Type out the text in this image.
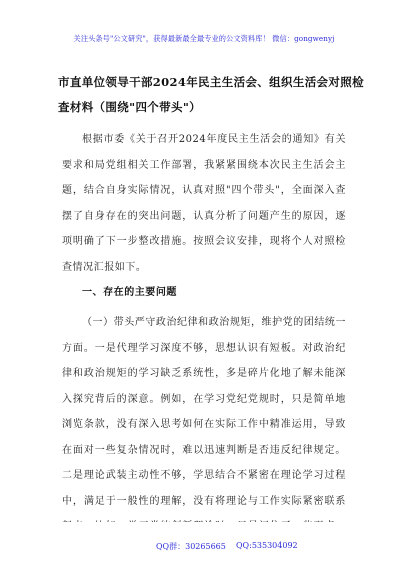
关注头条号"公文研究"，获得最新最全最专业的公文资料库！ 微信：gongwenyj
市直单位领导干部2024年民主生活会、组织生活会对照检
查材料（围绕"四个带头"）

根据市委《关于召开2024年度民主生活会的通知》有关要求和局党组相关工作部署，我紧紧围绕本次民主生活会主题，结合自身实际情况，认真对照"四个带头"，全面深入查摆了自身存在的突出问题，认真分析了问题产生的原因，逐项明确了下一步整改措施。按照会议安排，现将个人对照检查情况汇报如下。

一、存在的主要问题

（一）带头严守政治纪律和政治规矩，维护党的团结统一方面。一是代理学习深度不够，思想认识有短板。对政治纪律和政治规矩的学习缺乏系统性，多是碎片化地了解未能深入探究背后的深意。例如，在学习党纪党规时，只是简单地浏览条款，没有深入思考如何在实际工作中精准运用，导致在面对一些复杂情况时，难以迅速判断是否违反纪律规定。二是理论武装主动性不够，学思结合不紧密在理论学习过程中，满足于一般性的理解，没有将理论与工作实际紧密联系

QQ群：30265665 QQ:535304092
